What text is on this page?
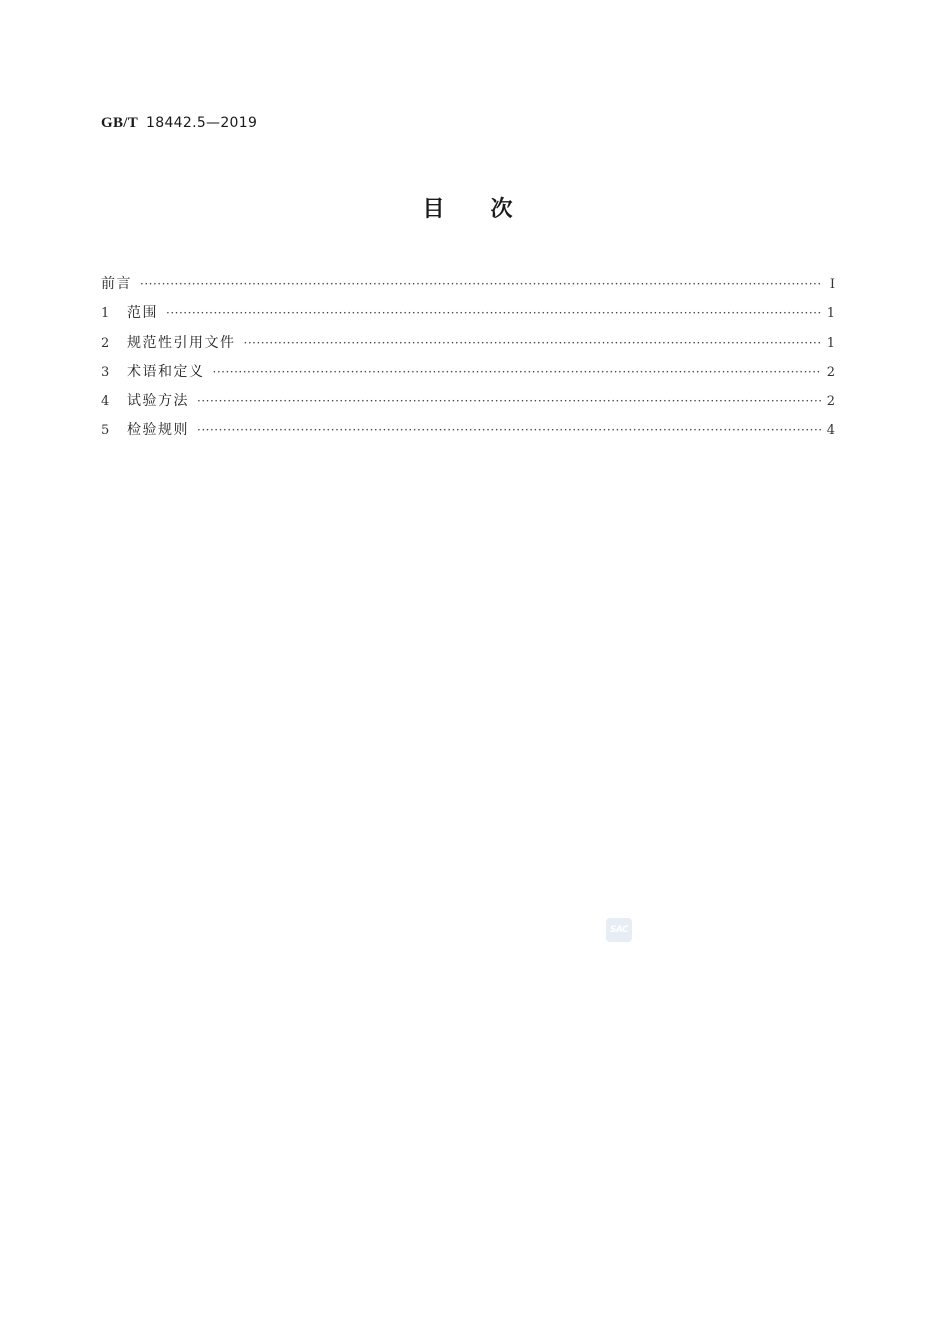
GB/T 18442.5—2019
目次
前言 ·····	Ⅰ
1	范围 ·····	1
2	规范性引用文件 ·····	1
3	术语和定义 ·····	2
4	试验方法 ·····	2
5	检验规则 ·····	4
SAC
